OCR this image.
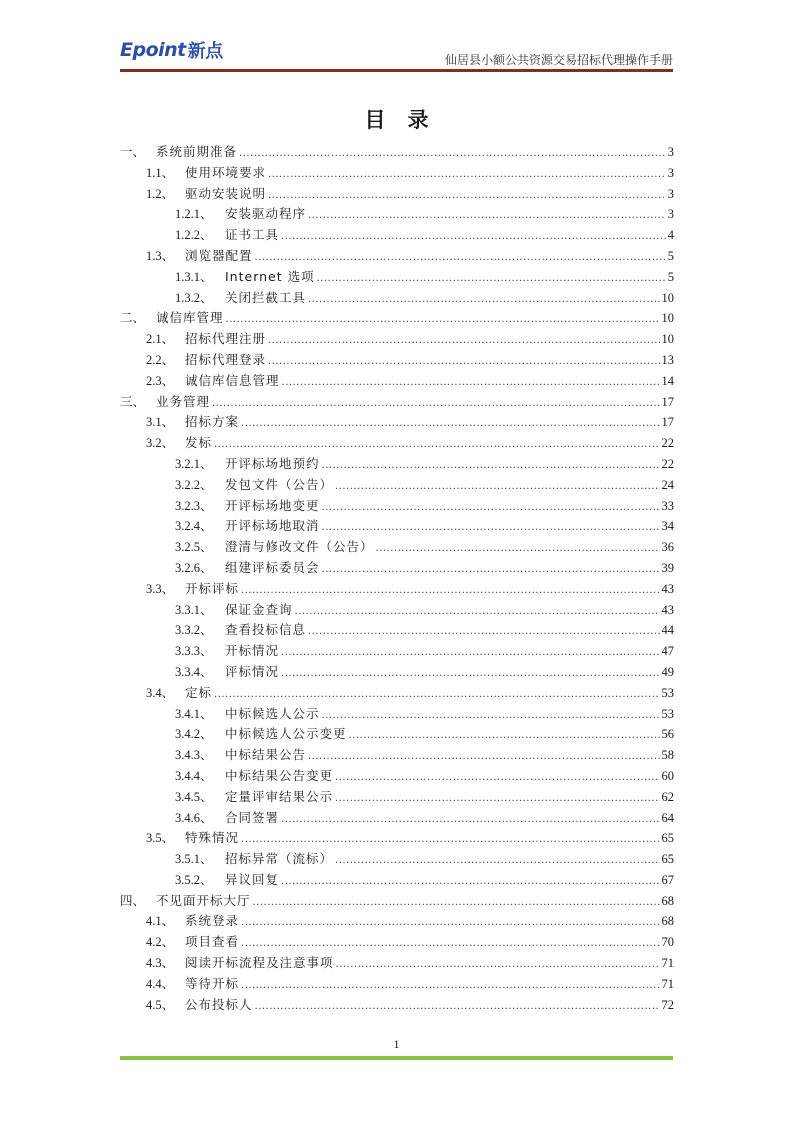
Epoint 新点	仙居县小额公共资源交易招标代理操作手册
目录
一、 系统前期准备 .....	3
1.1、 使用环境要求 .....	3
1.2、 驱动安装说明 .....	3
1.2.1、 安装驱动程序 .....	3
1.2.2、 证书工具 .....	4
1.3、 浏览器配置 .....	5
1.3.1、 Internet 选项 .....	5
1.3.2、 关闭拦截工具 .....	10
二、 诚信库管理 .....	10
2.1、 招标代理注册 .....	10
2.2、 招标代理登录 .....	13
2.3、 诚信库信息管理 .....	14
三、 业务管理 .....	17
3.1、 招标方案 .....	17
3.2、 发标 .....	22
3.2.1、 开评标场地预约 .....	22
3.2.2、 发包文件（公告） .....	24
3.2.3、 开评标场地变更 .....	33
3.2.4、 开评标场地取消 .....	34
3.2.5、 澄清与修改文件（公告） .....	36
3.2.6、 组建评标委员会 .....	39
3.3、 开标评标 .....	43
3.3.1、 保证金查询 .....	43
3.3.2、 查看投标信息 .....	44
3.3.3、 开标情况 .....	47
3.3.4、 评标情况 .....	49
3.4、 定标 .....	53
3.4.1、 中标候选人公示 .....	53
3.4.2、 中标候选人公示变更 .....	56
3.4.3、 中标结果公告 .....	58
3.4.4、 中标结果公告变更 .....	60
3.4.5、 定量评审结果公示 .....	62
3.4.6、 合同签署 .....	64
3.5、 特殊情况 .....	65
3.5.1、 招标异常（流标） .....	65
3.5.2、 异议回复 .....	67
四、 不见面开标大厅 .....	68
4.1、 系统登录 .....	68
4.2、 项目查看 .....	70
4.3、 阅读开标流程及注意事项 .....	71
4.4、 等待开标 .....	71
4.5、 公布投标人 .....	72
1
